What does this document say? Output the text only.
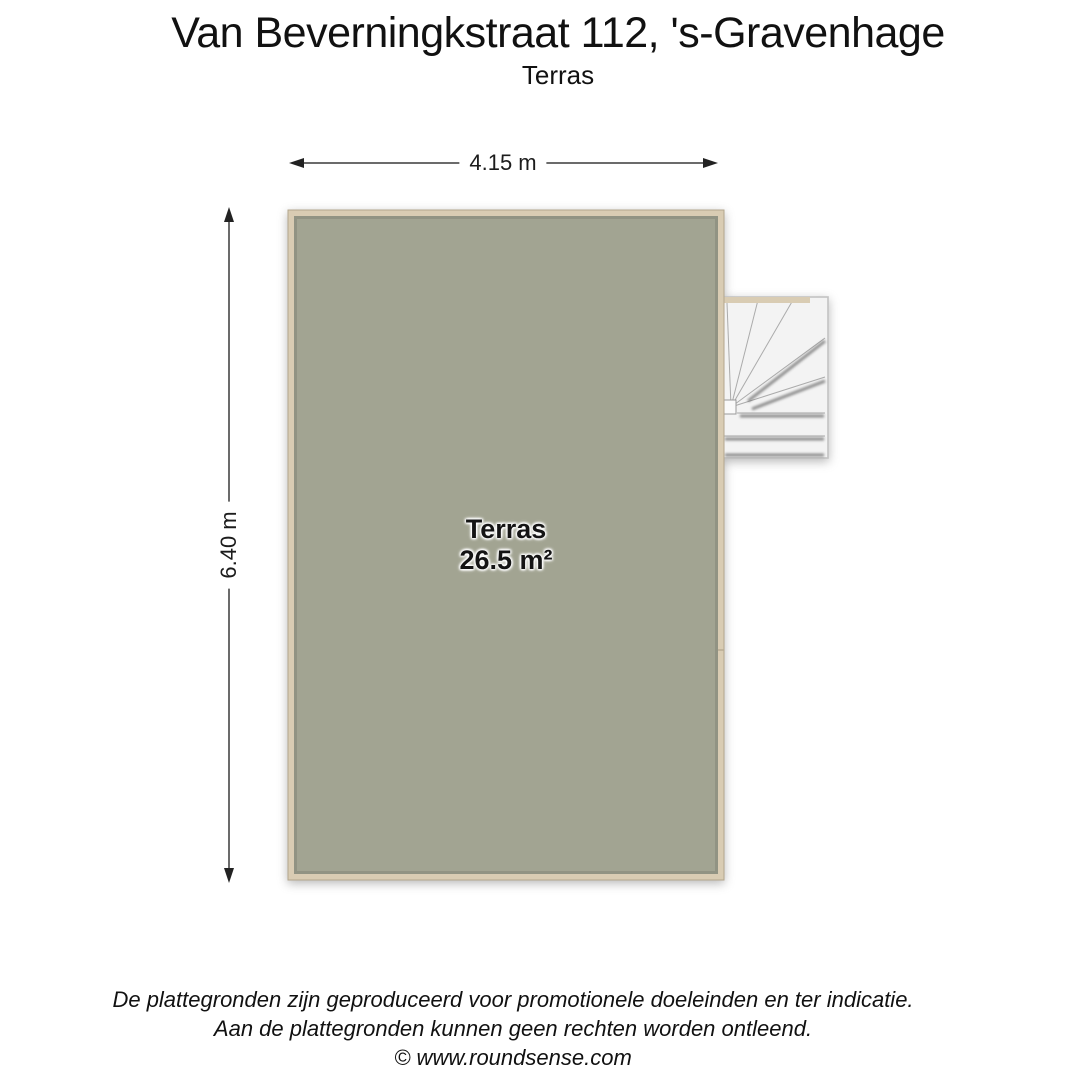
Van Beverningkstraat 112, 's-Gravenhage
Terras
4.15 m
6.40 m	Terras
26.5 m²
De plattegronden zijn geproduceerd voor promotionele doeleinden en ter indicatie.
Aan de plattegronden kunnen geen rechten worden ontleend.
© www.roundsense.com
